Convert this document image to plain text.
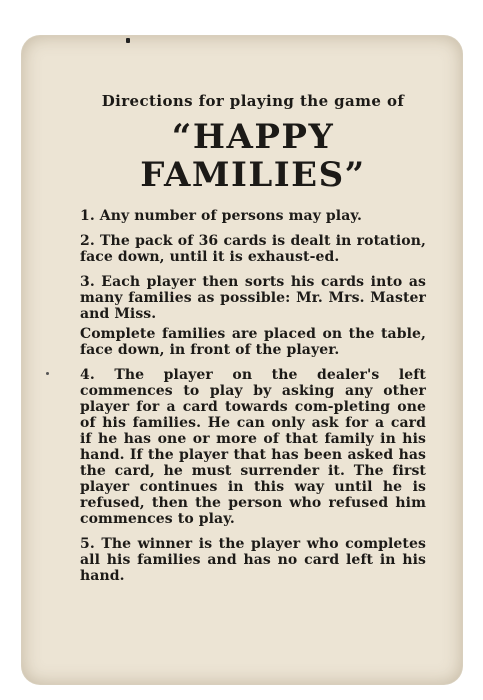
Directions for playing the game of
“HAPPY
FAMILIES”

1. Any number of persons may play.

2. The pack of 36 cards is dealt in rotation, face down, until it is exhaust-ed.

3. Each player then sorts his cards into as many families as possible: Mr. Mrs. Master and Miss.

Complete families are placed on the table, face down, in front of the player.

4. The player on the dealer's left commences to play by asking any other player for a card towards com-pleting one of his families. He can only ask for a card if he has one or more of that family in his hand. If the player that has been asked has the card, he must surrender it. The first player continues in this way until he is refused, then the person who refused him commences to play.

5. The winner is the player who completes all his families and has no card left in his hand.
